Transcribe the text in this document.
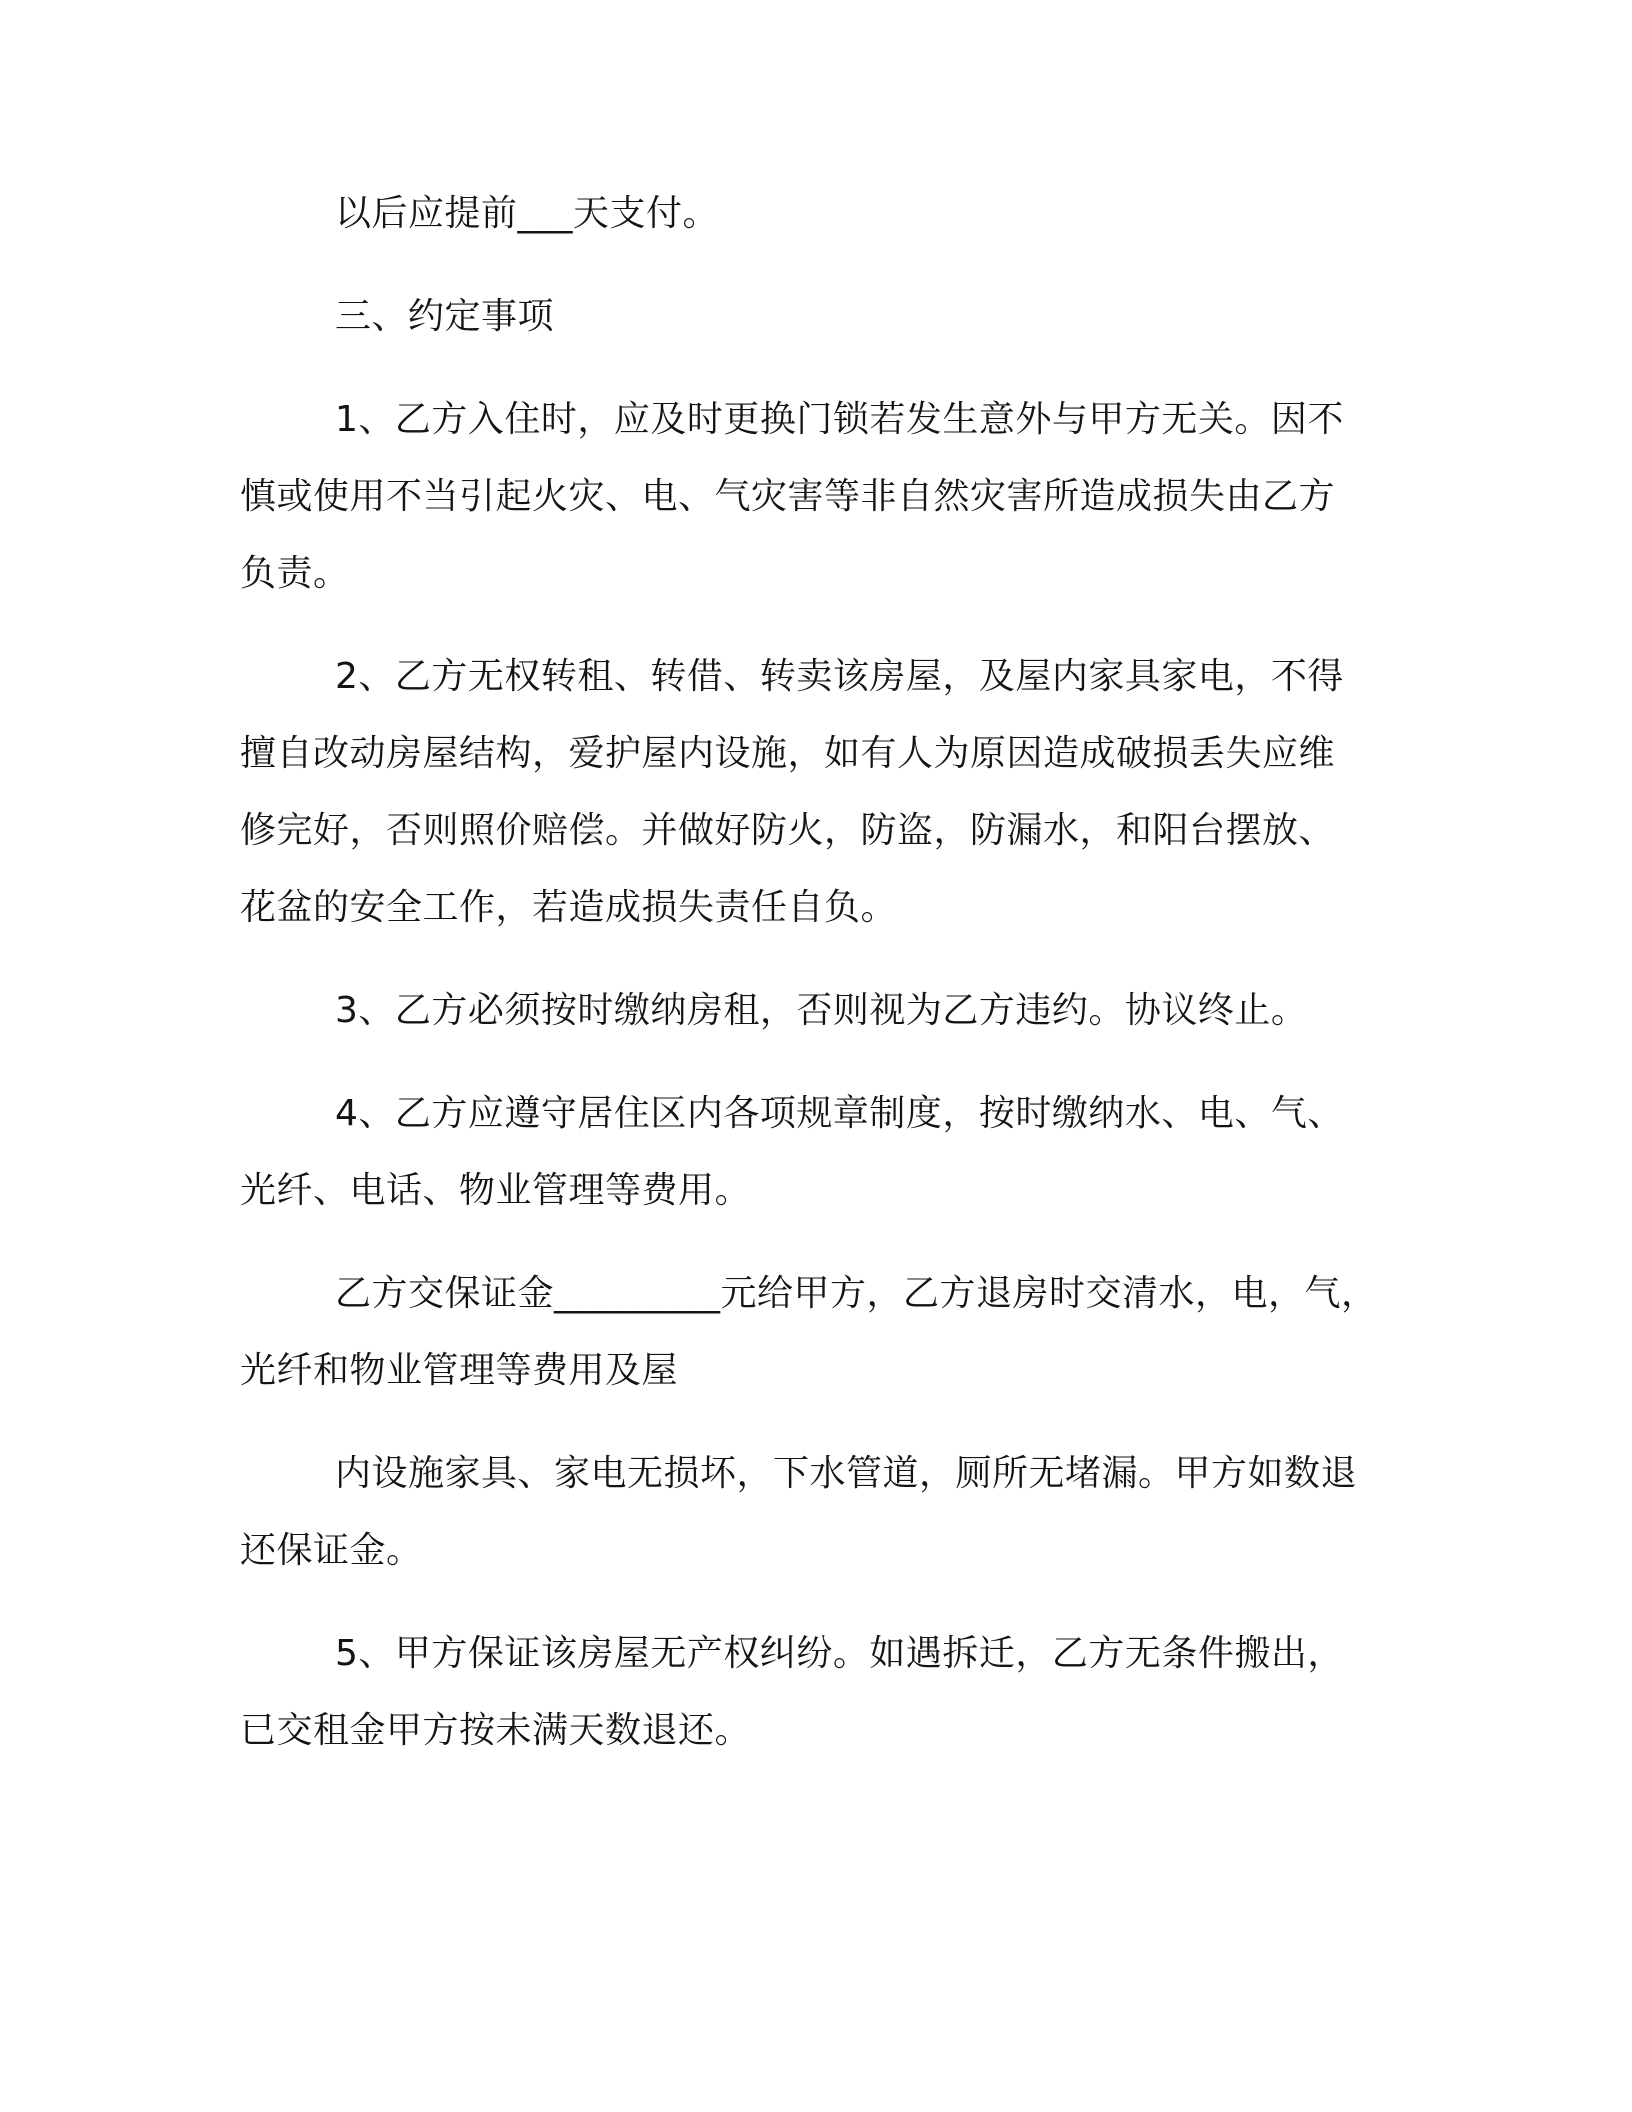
以后应提前___天支付。

三、约定事项

1、乙方入住时，应及时更换门锁若发生意外与甲方无关。因不
慎或使用不当引起火灾、电、气灾害等非自然灾害所造成损失由乙方
负责。

2、乙方无权转租、转借、转卖该房屋，及屋内家具家电，不得
擅自改动房屋结构，爱护屋内设施，如有人为原因造成破损丢失应维
修完好，否则照价赔偿。并做好防火，防盗，防漏水，和阳台摆放、
花盆的安全工作，若造成损失责任自负。

3、乙方必须按时缴纳房租，否则视为乙方违约。协议终止。

4、乙方应遵守居住区内各项规章制度，按时缴纳水、电、气、
光纤、电话、物业管理等费用。

乙方交保证金_________元给甲方，乙方退房时交清水，电，气，
光纤和物业管理等费用及屋

内设施家具、家电无损坏，下水管道，厕所无堵漏。甲方如数退
还保证金。

5、甲方保证该房屋无产权纠纷。如遇拆迁，乙方无条件搬出，
已交租金甲方按未满天数退还。
